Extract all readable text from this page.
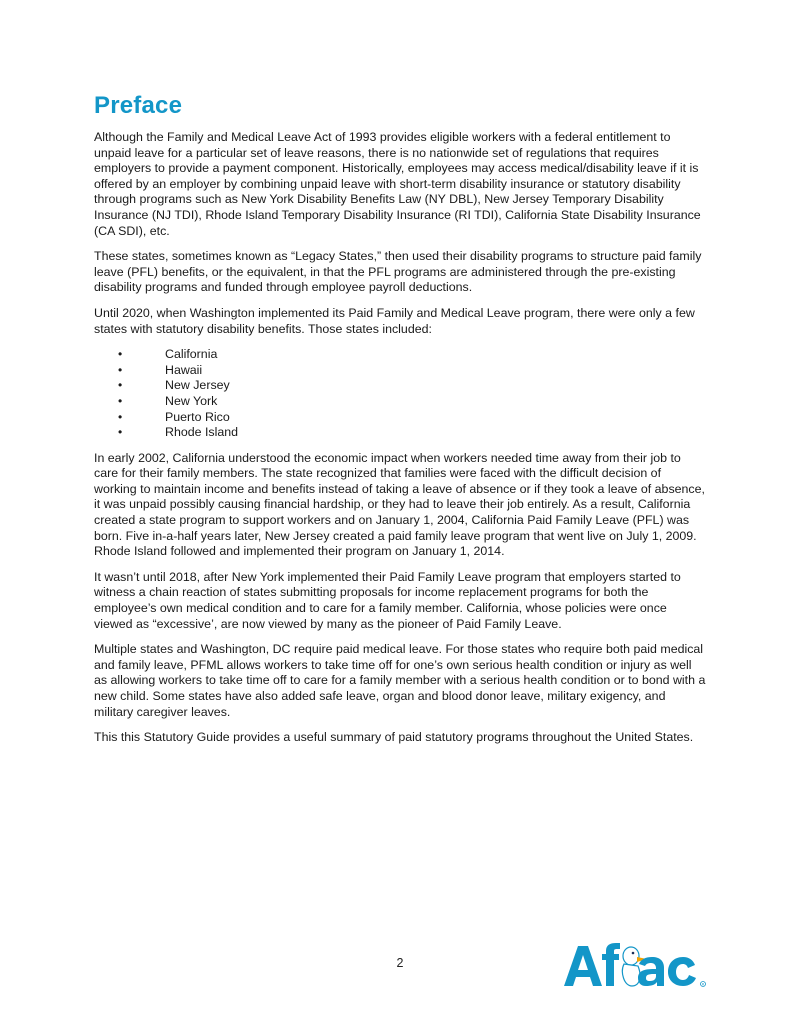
Preface

Although the Family and Medical Leave Act of 1993 provides eligible workers with a federal entitlement to unpaid leave for a particular set of leave reasons, there is no nationwide set of regulations that requires employers to provide a payment component. Historically, employees may access medical/disability leave if it is offered by an employer by combining unpaid leave with short-term disability insurance or statutory disability through programs such as New York Disability Benefits Law (NY DBL), New Jersey Temporary Disability Insurance (NJ TDI), Rhode Island Temporary Disability Insurance (RI TDI), California State Disability Insurance (CA SDI), etc.

These states, sometimes known as “Legacy States,” then used their disability programs to structure paid family leave (PFL) benefits, or the equivalent, in that the PFL programs are administered through the pre-existing disability programs and funded through employee payroll deductions.

Until 2020, when Washington implemented its Paid Family and Medical Leave program, there were only a few states with statutory disability benefits. Those states included:

• California
• Hawaii
• New Jersey
• New York
• Puerto Rico
• Rhode Island

In early 2002, California understood the economic impact when workers needed time away from their job to care for their family members. The state recognized that families were faced with the difficult decision of working to maintain income and benefits instead of taking a leave of absence or if they took a leave of absence, it was unpaid possibly causing financial hardship, or they had to leave their job entirely. As a result, California created a state program to support workers and on January 1, 2004, California Paid Family Leave (PFL) was born. Five in-a-half years later, New Jersey created a paid family leave program that went live on July 1, 2009. Rhode Island followed and implemented their program on January 1, 2014.

It wasn’t until 2018, after New York implemented their Paid Family Leave program that employers started to witness a chain reaction of states submitting proposals for income replacement programs for both the employee’s own medical condition and to care for a family member. California, whose policies were once viewed as “excessive’, are now viewed by many as the pioneer of Paid Family Leave.

Multiple states and Washington, DC require paid medical leave. For those states who require both paid medical and family leave, PFML allows workers to take time off for one’s own serious health condition or injury as well as allowing workers to take time off to care for a family member with a serious health condition or to bond with a new child. Some states have also added safe leave, organ and blood donor leave, military exigency, and military caregiver leaves.

This this Statutory Guide provides a useful summary of paid statutory programs throughout the United States.

2
R
